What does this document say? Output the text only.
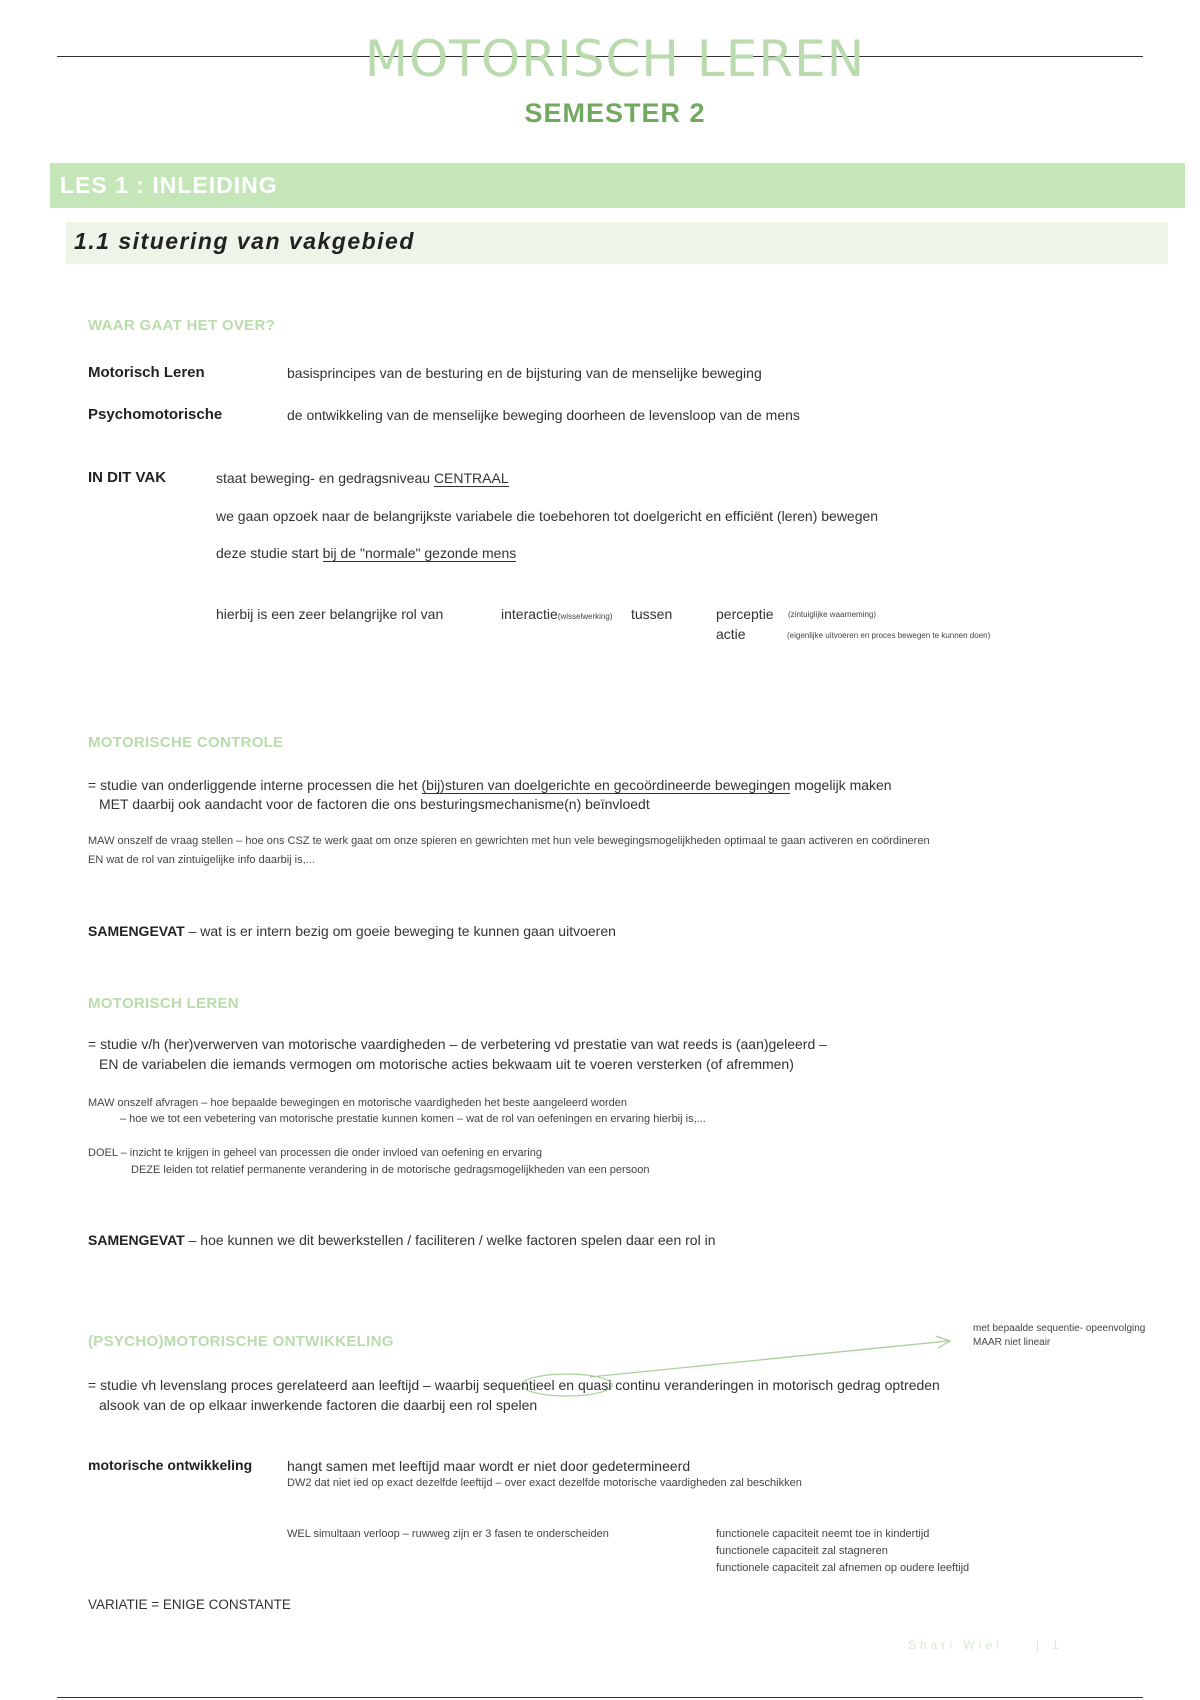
MOTORISCH LEREN
SEMESTER 2
LES 1 : INLEIDING
1.1 situering van vakgebied
WAAR GAAT HET OVER?
Motorisch Leren	basisprincipes van de besturing en de bijsturing van de menselijke beweging
Psychomotorische	de ontwikkeling van de menselijke beweging doorheen de levensloop van de mens
IN DIT VAK	staat beweging- en gedragsniveau CENTRAAL
we gaan opzoek naar de belangrijkste variabele die toebehoren tot doelgericht en efficiënt (leren) bewegen
deze studie start bij de "normale" gezonde mens
hierbij is een zeer belangrijke rol van	interactie(wisselwerking) tussen	perceptie (zintuiglijke waarneming)
actie	(eigenlijke uitvoeren en proces bewegen te kunnen doen)
MOTORISCHE CONTROLE
= studie van onderliggende interne processen die het (bij)sturen van doelgerichte en gecoördineerde bewegingen mogelijk maken
MET daarbij ook aandacht voor de factoren die ons besturingsmechanisme(n) beïnvloedt
MAW onszelf de vraag stellen – hoe ons CSZ te werk gaat om onze spieren en gewrichten met hun vele bewegingsmogelijkheden optimaal te gaan activeren en coördineren
EN wat de rol van zintuigelijke info daarbij is,...
SAMENGEVAT – wat is er intern bezig om goeie beweging te kunnen gaan uitvoeren
MOTORISCH LEREN
= studie v/h (her)verwerven van motorische vaardigheden – de verbetering vd prestatie van wat reeds is (aan)geleerd –
EN de variabelen die iemands vermogen om motorische acties bekwaam uit te voeren versterken (of afremmen)
MAW onszelf afvragen – hoe bepaalde bewegingen en motorische vaardigheden het beste aangeleerd worden
– hoe we tot een vebetering van motorische prestatie kunnen komen – wat de rol van oefeningen en ervaring hierbij is,...
DOEL – inzicht te krijgen in geheel van processen die onder invloed van oefening en ervaring
DEZE leiden tot relatief permanente verandering in de motorische gedragsmogelijkheden van een persoon
SAMENGEVAT – hoe kunnen we dit bewerkstellen / faciliteren / welke factoren spelen daar een rol in
(PSYCHO)MOTORISCHE ONTWIKKELING
met bepaalde sequentie- opeenvolging
MAAR niet lineair
= studie vh levenslang proces gerelateerd aan leeftijd – waarbij sequentieel en quasi continu veranderingen in motorisch gedrag optreden
alsook van de op elkaar inwerkende factoren die daarbij een rol spelen
motorische ontwikkeling hangt samen met leeftijd maar wordt er niet door gedetermineerd
DW2 dat niet ied op exact dezelfde leeftijd – over exact dezelfde motorische vaardigheden zal beschikken
WEL simultaan verloop – ruwweg zijn er 3 fasen te onderscheiden	functionele capaciteit neemt toe in kindertijd
functionele capaciteit zal stagneren
functionele capaciteit zal afnemen op oudere leeftijd
VARIATIE = ENIGE CONSTANTE
Shari Wiel	| 1
